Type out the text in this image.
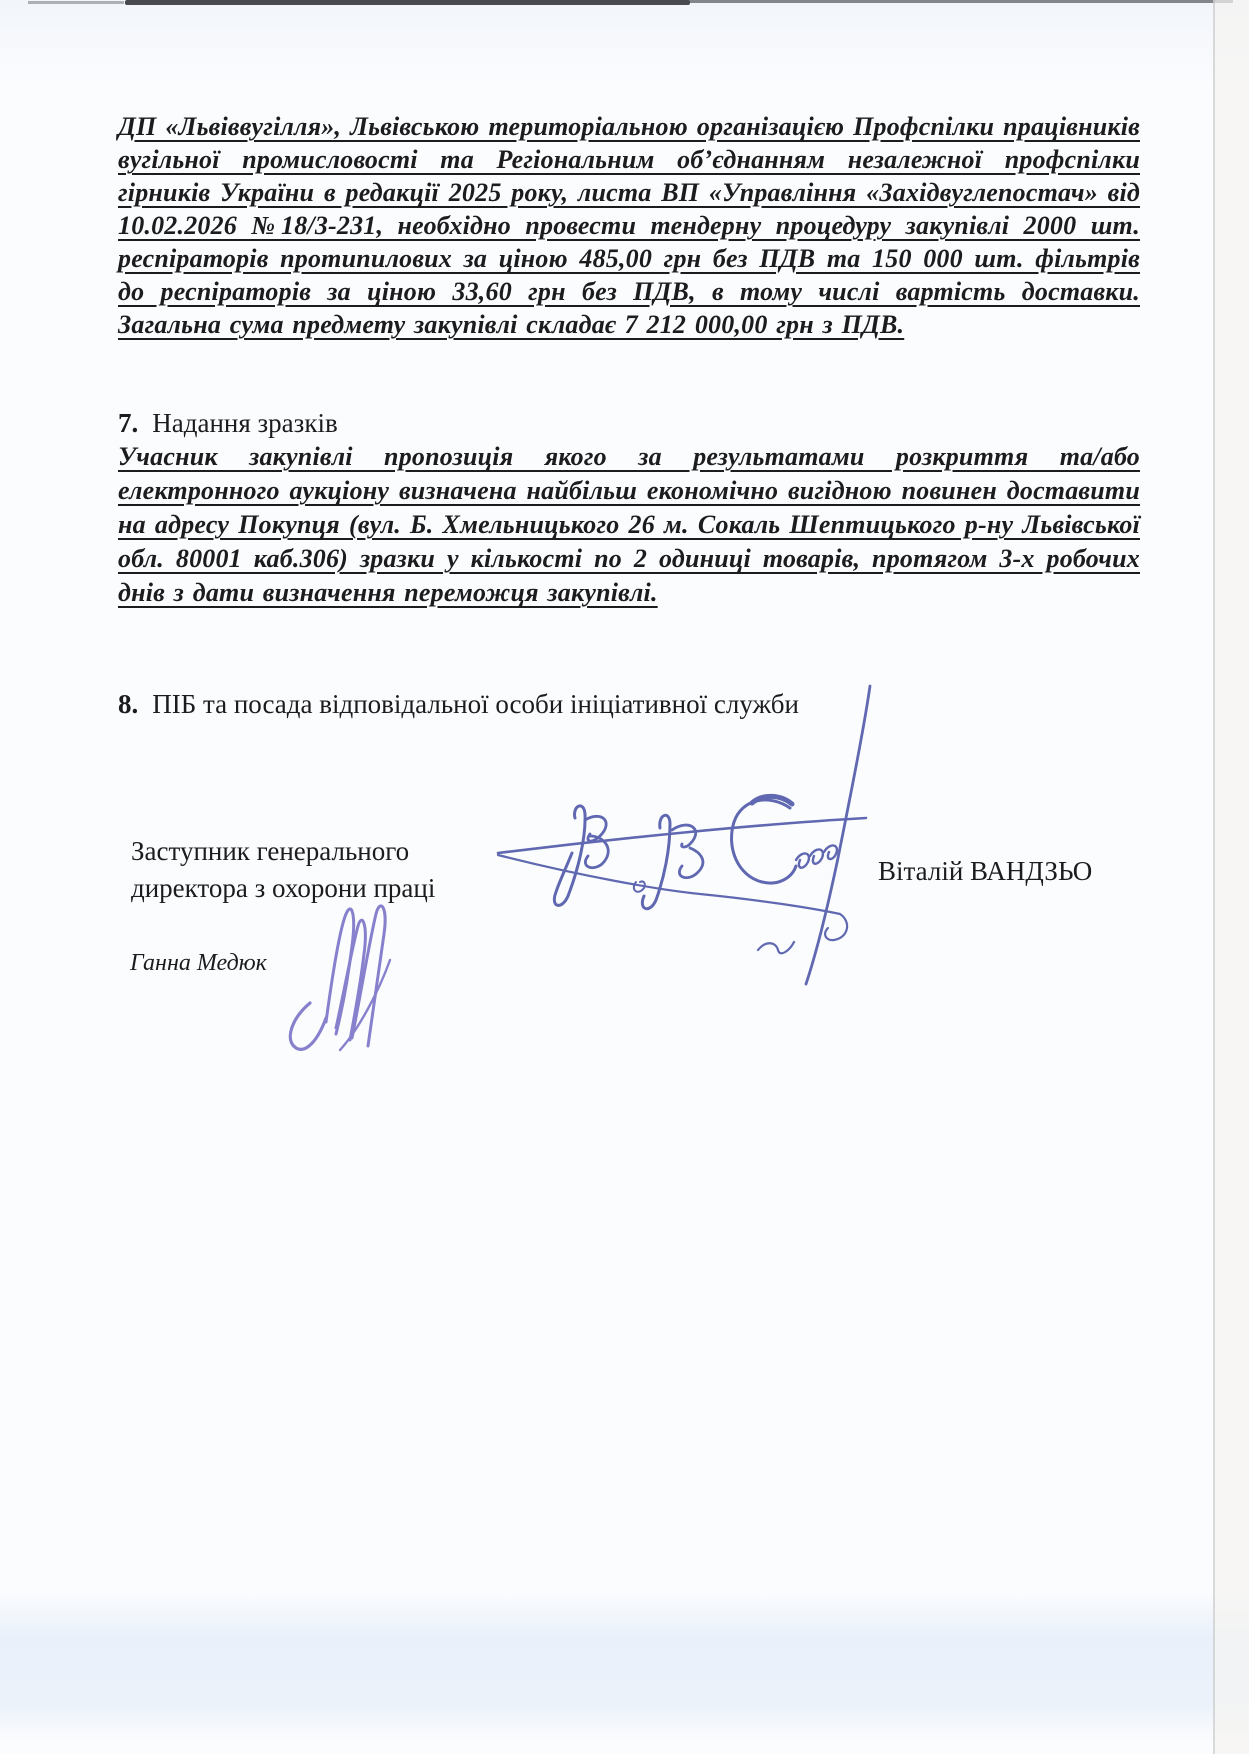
ДП «Львіввугілля», Львівською територіальною організацією Профспілки працівників вугільної промисловості та Регіональним об’єднанням незалежної профспілки гірників України в редакції 2025 року, листа ВП «Управління «Західвуглепостач» від 10.02.2026 №18/3-231, необхідно провести тендерну процедуру закупівлі 2000 шт. респіраторів протипилових за ціною 485,00 грн без ПДВ та 150 000 шт. фільтрів до респіраторів за ціною 33,60 грн без ПДВ, в тому числі вартість доставки. Загальна сума предмету закупівлі складає 7 212 000,00 грн з ПДВ.
7. Надання зразків
Учасник закупівлі пропозиція якого за результатами розкриття та/або електронного аукціону визначена найбільш економічно вигідною повинен доставити на адресу Покупця (вул. Б. Хмельницького 26 м. Сокаль Шептицького р-ну Львівської обл. 80001 каб.306) зразки у кількості по 2 одиниці товарів, протягом 3-х робочих днів з дати визначення переможця закупівлі.
8. ПІБ та посада відповідальної особи ініціативної служби
Заступник генерального
директора з охорони праці
Віталій ВАНДЗЬО
Ганна Медюк
